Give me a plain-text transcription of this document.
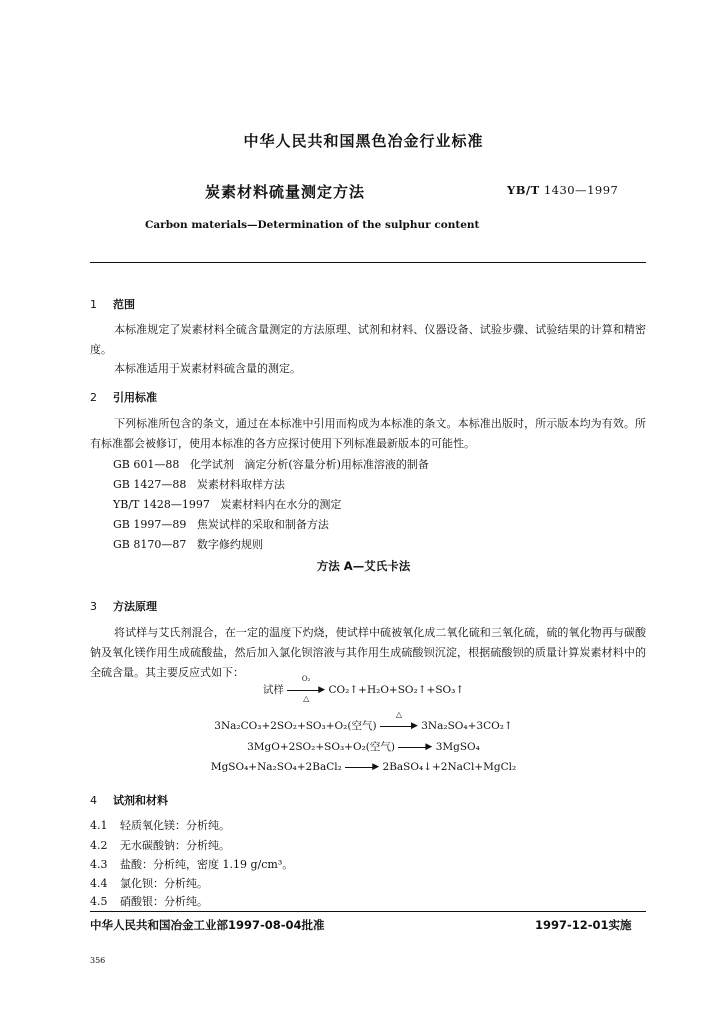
中华人民共和国黑色冶金行业标准
炭素材料硫量测定方法	YB/T 1430—1997
Carbon materials—Determination of the sulphur content
1 范围
本标准规定了炭素材料全硫含量测定的方法原理、试剂和材料、仪器设备、试验步骤、试验结果的计算和精密度。
本标准适用于炭素材料硫含量的测定。
2 引用标准
下列标准所包含的条文，通过在本标准中引用而构成为本标准的条文。本标准出版时，所示版本均为有效。所有标准都会被修订，使用本标准的各方应探讨使用下列标准最新版本的可能性。
GB 601—88   化学试剂   滴定分析(容量分析)用标准溶液的制备
GB 1427—88   炭素材料取样方法
YB/T 1428—1997   炭素材料内在水分的测定
GB 1997—89   焦炭试样的采取和制备方法
GB 8170—87   数字修约规则
方法 A—艾氏卡法
3 方法原理
将试样与艾氏剂混合，在一定的温度下灼烧，使试样中硫被氧化成二氧化硫和三氧化硫，硫的氧化物再与碳酸钠及氧化镁作用生成硫酸盐，然后加入氯化钡溶液与其作用生成硫酸钡沉淀，根据硫酸钡的质量计算炭素材料中的全硫含量。其主要反应式如下：
试样
O₂
▶
△
CO₂↑+H₂O+SO₂↑+SO₃↑
3Na₂CO₃+2SO₂+SO₃+O₂(空气)
△
▶ 3Na₂SO₄+3CO₂↑
3MgO+2SO₂+SO₃+O₂(空气)	▶ 3MgSO₄
MgSO₄+Na₂SO₄+2BaCl₂	▶ 2BaSO₄↓+2NaCl+MgCl₂
4 试剂和材料
4.1 轻质氧化镁：分析纯。
4.2 无水碳酸钠：分析纯。
4.3 盐酸：分析纯，密度 1.19 g/cm³。
4.4 氯化钡：分析纯。
4.5 硝酸银：分析纯。
中华人民共和国冶金工业部1997-08-04批准	1997-12-01实施
356
